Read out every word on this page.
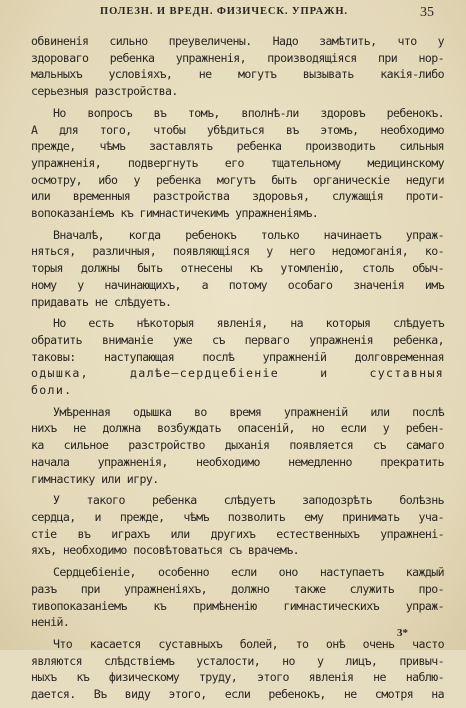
ПОЛЕЗН. И ВРЕДН. ФИЗИЧЕСК. УПРАЖН.	35
обвиненія сильно преувеличены. Надо замѣтить, что у
здороваго ребенка упражненія, производящіяся при нор-
мальныхъ условіяхъ, не могутъ вызывать какія-либо
серьезныя разстройства.
Но вопросъ въ томъ, вполнѣ-ли здоровъ ребенокъ.
А для того, чтобы убѣдиться въ этомъ, необходимо
прежде, чѣмъ заставлять ребенка производить сильныя
упражненія, подвергнуть его тщательному медицинскому
осмотру, ибо у ребенка могутъ быть органическіе недуги
или временныя разстройства здоровья, служащія проти-
вопоказаніемъ къ гимнастичекимъ упражненіямъ.
Вначалѣ, когда ребенокъ только начинаетъ упраж-
няться, различныя, появляющіяся у него недомоганія, ко-
торыя должны быть отнесены къ утомленію, столь обыч-
ному у начинающихъ, а потому особаго значенія имъ
придавать не слѣдуетъ.
Но есть нѣкоторыя явленія, на которыя слѣдуетъ
обратить вниманіе уже съ перваго упражненія ребенка,
таковы: наступающая послѣ упражненій долговременная
одышка, далѣе—сердцебіеніе и суставныя
боли.
Умѣренная одышка во время упражненій или послѣ
нихъ не должна возбуждать опасеній, но если у ребен-
ка сильное разстройство дыханія появляется съ самаго
начала упражненія, необходимо немедленно прекратить
гимнастику или игру.
У такого ребенка слѣдуетъ заподозрѣть болѣзнь
сердца, и прежде, чѣмъ позволить ему принимать уча-
стіе въ играхъ или другихъ естественныхъ упражнені-
яхъ, необходимо посовѣтоваться съ врачемъ.
Сердцебіеніе, особенно если оно наступаетъ каждый
разъ при упражненіяхъ, должно также служить про-
тивопоказаніемъ къ примѣненію гимнастическихъ упраж-
неній.
Что касается суставныхъ болей, то онѣ очень часто
являются слѣдствіемъ усталости, но у лицъ, привыч-
ныхъ къ физическому труду, этого явленія не наблю-
дается. Въ виду этого, если ребенокъ, не смотря на
3*
